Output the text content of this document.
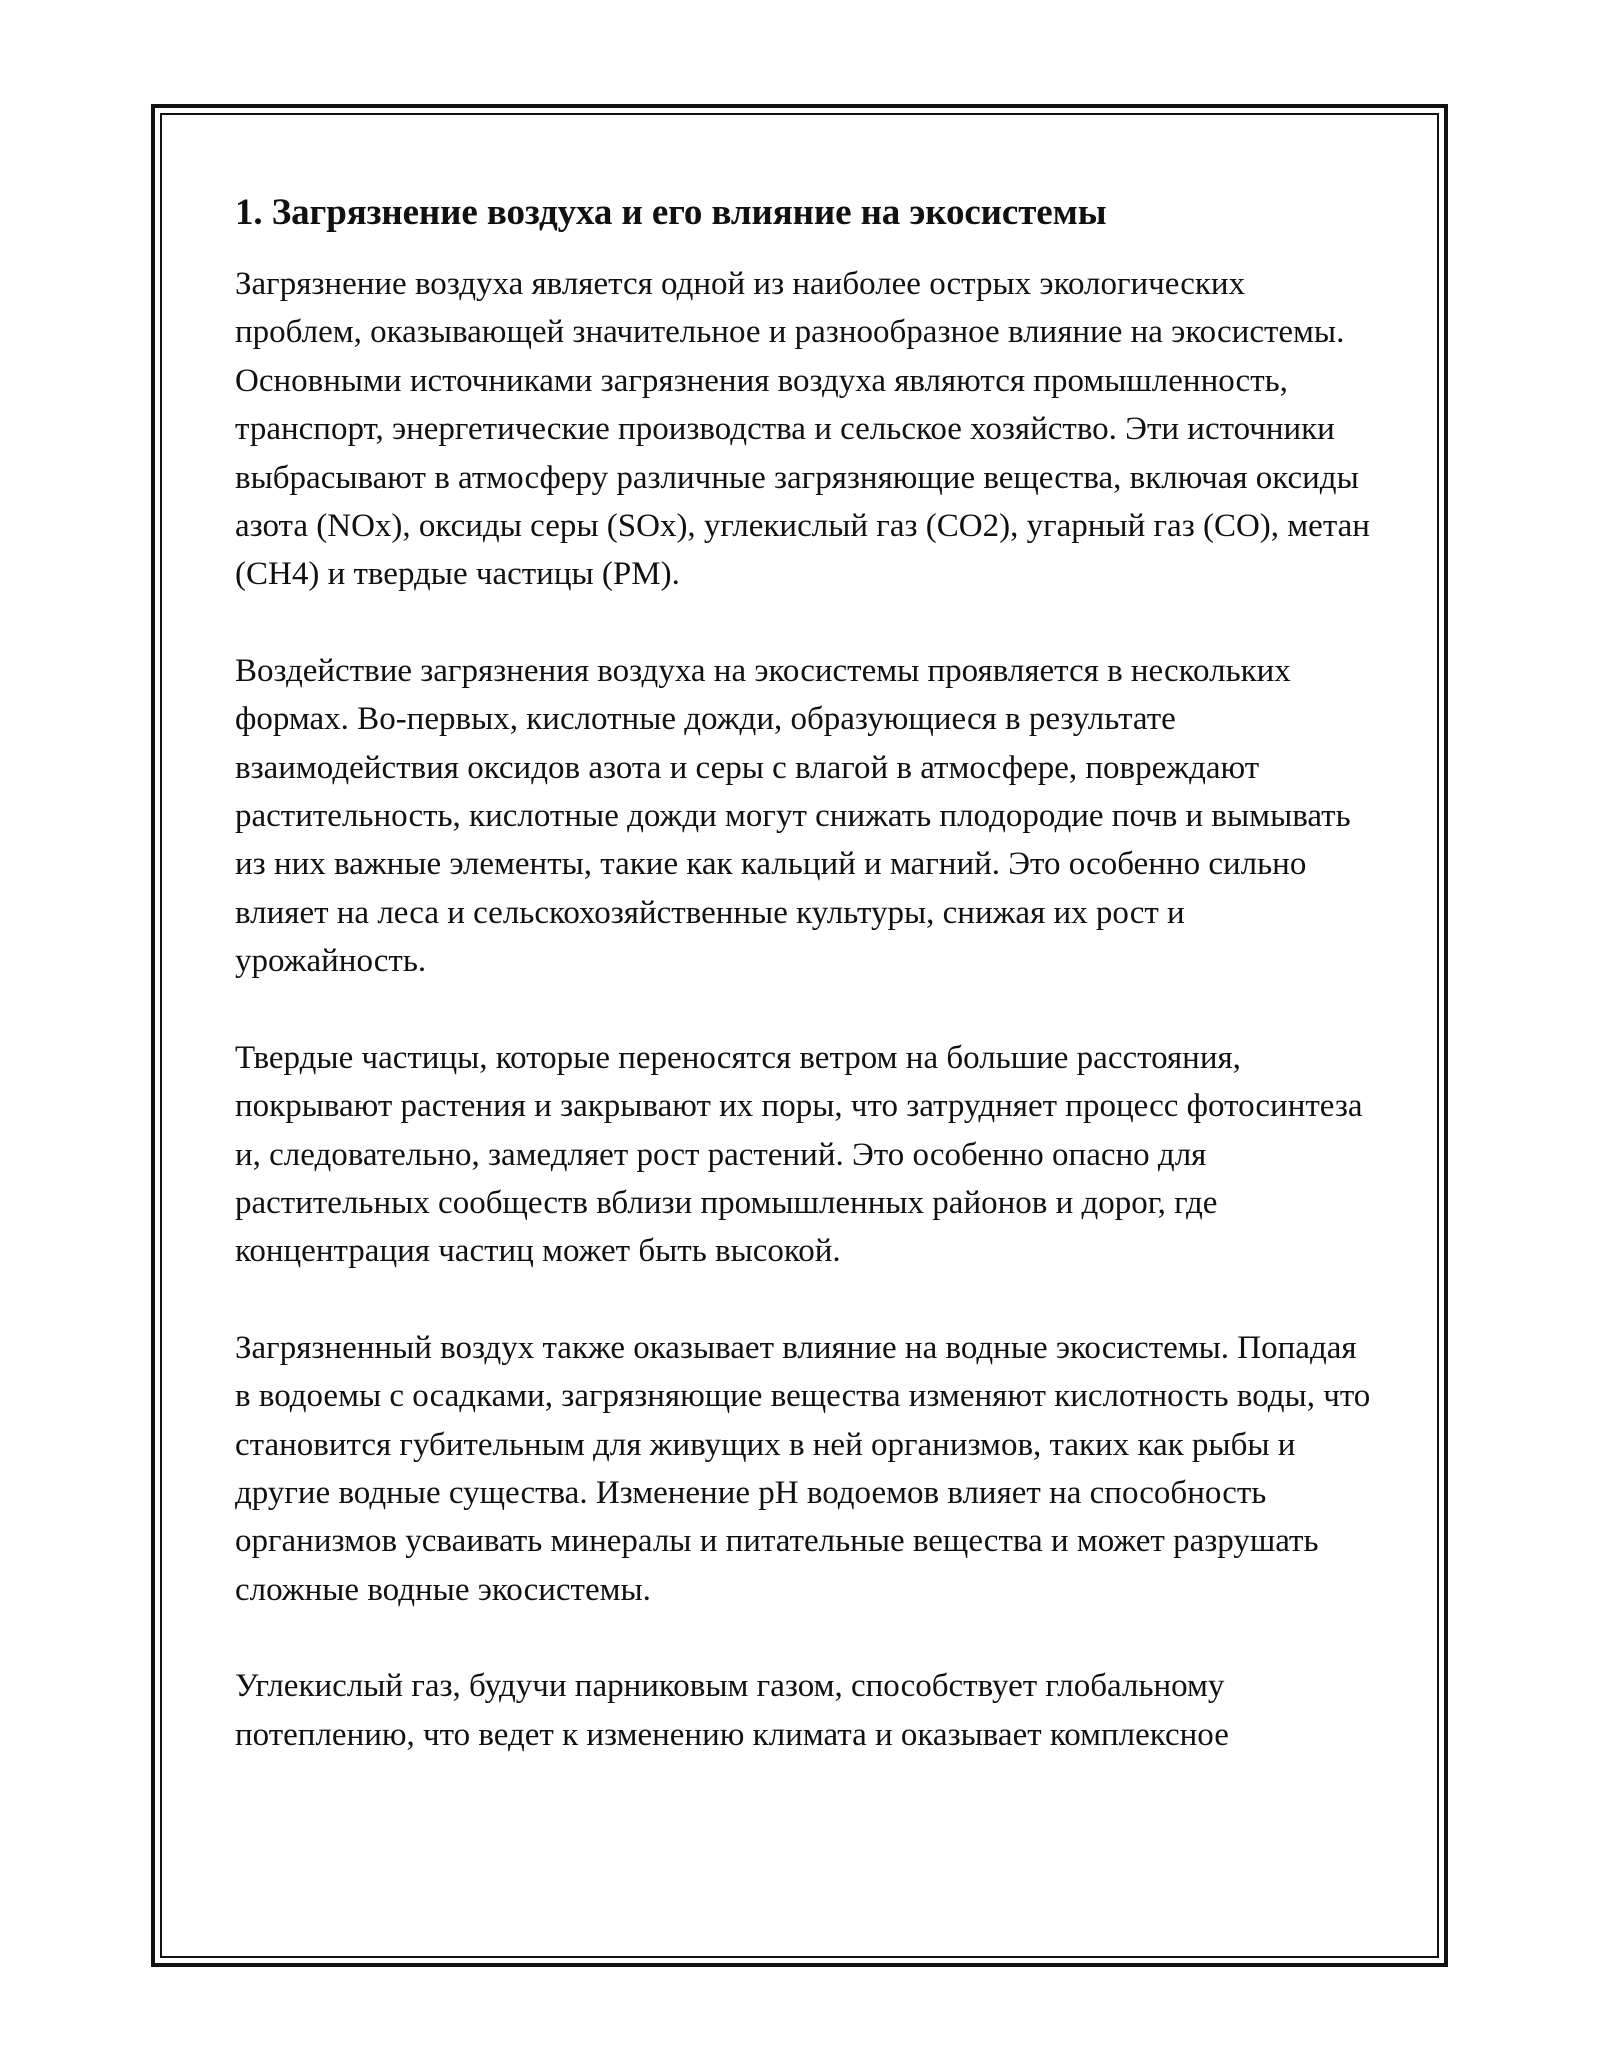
1. Загрязнение воздуха и его влияние на экосистемы

Загрязнение воздуха является одной из наиболее острых экологических проблем, оказывающей значительное и разнообразное влияние на экосистемы. Основными источниками загрязнения воздуха являются промышленность, транспорт, энергетические производства и сельское хозяйство. Эти источники выбрасывают в атмосферу различные загрязняющие вещества, включая оксиды азота (NOx), оксиды серы (SOx), углекислый газ (CO2), угарный газ (CO), метан (CH4) и твердые частицы (PM).

Воздействие загрязнения воздуха на экосистемы проявляется в нескольких формах. Во-первых, кислотные дожди, образующиеся в результате взаимодействия оксидов азота и серы с влагой в атмосфере, повреждают растительность, кислотные дожди могут снижать плодородие почв и вымывать из них важные элементы, такие как кальций и магний. Это особенно сильно влияет на леса и сельскохозяйственные культуры, снижая их рост и урожайность.

Твердые частицы, которые переносятся ветром на большие расстояния, покрывают растения и закрывают их поры, что затрудняет процесс фотосинтеза и, следовательно, замедляет рост растений. Это особенно опасно для растительных сообществ вблизи промышленных районов и дорог, где концентрация частиц может быть высокой.

Загрязненный воздух также оказывает влияние на водные экосистемы. Попадая в водоемы с осадками, загрязняющие вещества изменяют кислотность воды, что становится губительным для живущих в ней организмов, таких как рыбы и другие водные существа. Изменение pH водоемов влияет на способность организмов усваивать минералы и питательные вещества и может разрушать сложные водные экосистемы.

Углекислый газ, будучи парниковым газом, способствует глобальному потеплению, что ведет к изменению климата и оказывает комплексное
